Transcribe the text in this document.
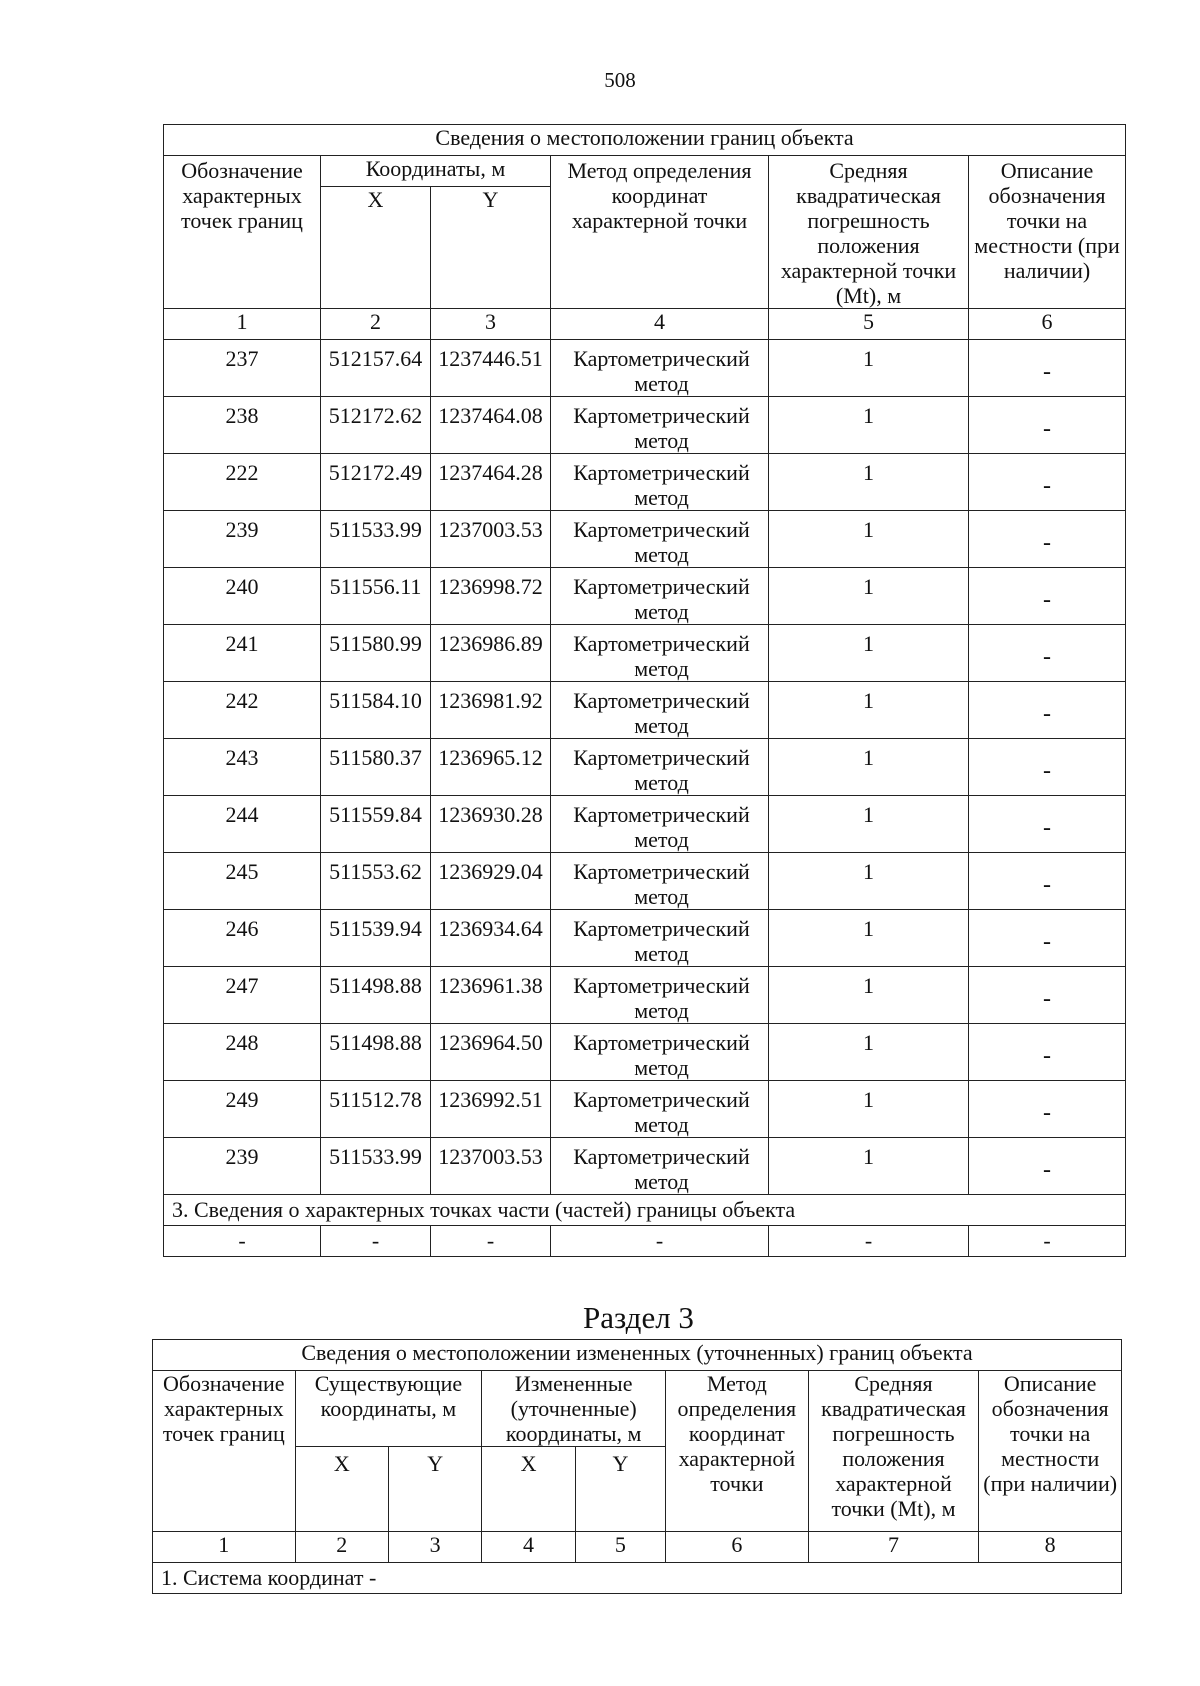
508
Сведения о местоположении границ объекта					
Обозначение характерных точек границ	Координаты, м		Метод определения координат характерной точки	Средняя квадратическая погрешность положения характерной точки (Mt), м	Описание обозначения точки на местности (при наличии)
	X	Y			
1	2	3	4	5	6

237	512157.64	1237446.51	Картометрический метод	1	-

238	512172.62	1237464.08	Картометрический метод	1	-

222	512172.49	1237464.28	Картометрический метод	1	-

239	511533.99	1237003.53	Картометрический метод	1	-

240	511556.11	1236998.72	Картометрический метод	1	-

241	511580.99	1236986.89	Картометрический метод	1	-

242	511584.10	1236981.92	Картометрический метод	1	-

243	511580.37	1236965.12	Картометрический метод	1	-

244	511559.84	1236930.28	Картометрический метод	1	-

245	511553.62	1236929.04	Картометрический метод	1	-

246	511539.94	1236934.64	Картометрический метод	1	-

247	511498.88	1236961.38	Картометрический метод	1	-

248	511498.88	1236964.50	Картометрический метод	1	-

249	511512.78	1236992.51	Картометрический метод	1	-

239	511533.99	1237003.53	Картометрический метод	1	-

3. Сведения о характерных точках части (частей) границы объекта					
-	-	-	-	-	-
Раздел 3
Сведения о местоположении измененных (уточненных) границ объекта							
Обозначение характерных точек границ	Существующие координаты, м		Измененные (уточненные) координаты, м		Метод определения координат характерной точки	Средняя квадратическая погрешность положения характерной точки (Mt), м	Описание обозначения точки на местности (при наличии)
	X	Y	X	Y			
1	2	3	4	5	6	7	8
1. Система координат -							
